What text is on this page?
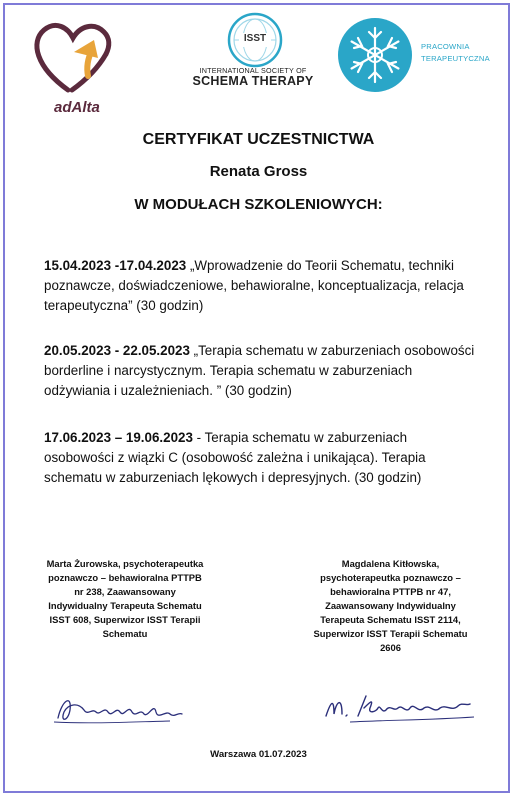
adAlta
ISST
INTERNATIONAL SOCIETY OF
SCHEMA THERAPY
PRACOWNIA
TERAPEUTYCZNA
CERTYFIKAT UCZESTNICTWA
Renata Gross
W MODUŁACH SZKOLENIOWYCH:
15.04.2023 -17.04.2023 „Wprowadzenie do Teorii Schematu, techniki poznawcze, doświadczeniowe, behawioralne, konceptualizacja, relacja terapeutyczna” (30 godzin)
20.05.2023 - 22.05.2023 „Terapia schematu w zaburzeniach osobowości borderline i narcystycznym. Terapia schematu w zaburzeniach odżywiania i uzależnieniach. ” (30 godzin)
17.06.2023 – 19.06.2023 - Terapia schematu w zaburzeniach osobowości z wiązki C (osobowość zależna i unikająca). Terapia schematu w zaburzeniach lękowych i depresyjnych. (30 godzin)
Marta Żurowska, psychoterapeutka
poznawczo – behawioralna PTTPB
nr 238, Zaawansowany
Indywidualny Terapeuta Schematu
ISST 608, Superwizor ISST Terapii
Schematu
Magdalena Kitłowska,
psychoterapeutka poznawczo –
behawioralna PTTPB nr 47,
Zaawansowany Indywidualny
Terapeuta Schematu ISST 2114,
Superwizor ISST Terapii Schematu
2606
Warszawa 01.07.2023
